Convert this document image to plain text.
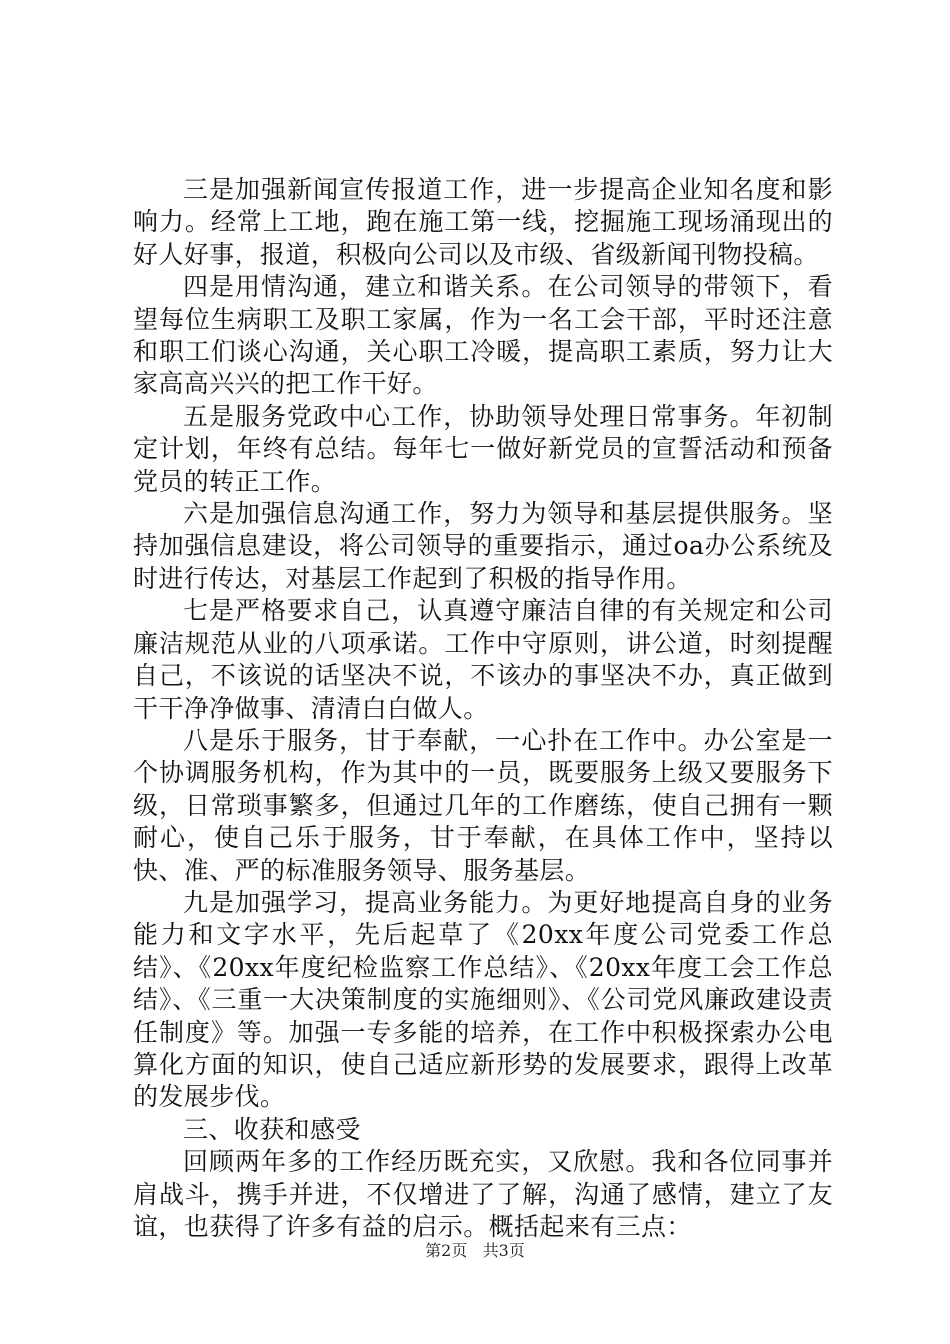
三是加强新闻宣传报道工作，进一步提高企业知名度和影响力。经常上工地，跑在施工第一线，挖掘施工现场涌现出的好人好事，报道，积极向公司以及市级、省级新闻刊物投稿。

四是用情沟通，建立和谐关系。在公司领导的带领下，看望每位生病职工及职工家属，作为一名工会干部，平时还注意和职工们谈心沟通，关心职工冷暖，提高职工素质，努力让大家高高兴兴的把工作干好。

五是服务党政中心工作，协助领导处理日常事务。年初制定计划，年终有总结。每年七一做好新党员的宣誓活动和预备党员的转正工作。

六是加强信息沟通工作，努力为领导和基层提供服务。坚持加强信息建设，将公司领导的重要指示，通过oa办公系统及时进行传达，对基层工作起到了积极的指导作用。

七是严格要求自己，认真遵守廉洁自律的有关规定和公司廉洁规范从业的八项承诺。工作中守原则，讲公道，时刻提醒自己，不该说的话坚决不说，不该办的事坚决不办，真正做到干干净净做事、清清白白做人。

八是乐于服务，甘于奉献，一心扑在工作中。办公室是一个协调服务机构，作为其中的一员，既要服务上级又要服务下级，日常琐事繁多，但通过几年的工作磨练，使自己拥有一颗耐心，使自己乐于服务，甘于奉献，在具体工作中，坚持以快、准、严的标准服务领导、服务基层。

九是加强学习，提高业务能力。为更好地提高自身的业务能力和文字水平，先后起草了《20xx年度公司党委工作总结》、《20xx年度纪检监察工作总结》、《20xx年度工会工作总结》、《三重一大决策制度的实施细则》、《公司党风廉政建设责任制度》等。加强一专多能的培养，在工作中积极探索办公电算化方面的知识，使自己适应新形势的发展要求，跟得上改革的发展步伐。

三、收获和感受

回顾两年多的工作经历既充实，又欣慰。我和各位同事并肩战斗，携手并进，不仅增进了了解，沟通了感情，建立了友谊，也获得了许多有益的启示。概括起来有三点：

第2页 共3页
